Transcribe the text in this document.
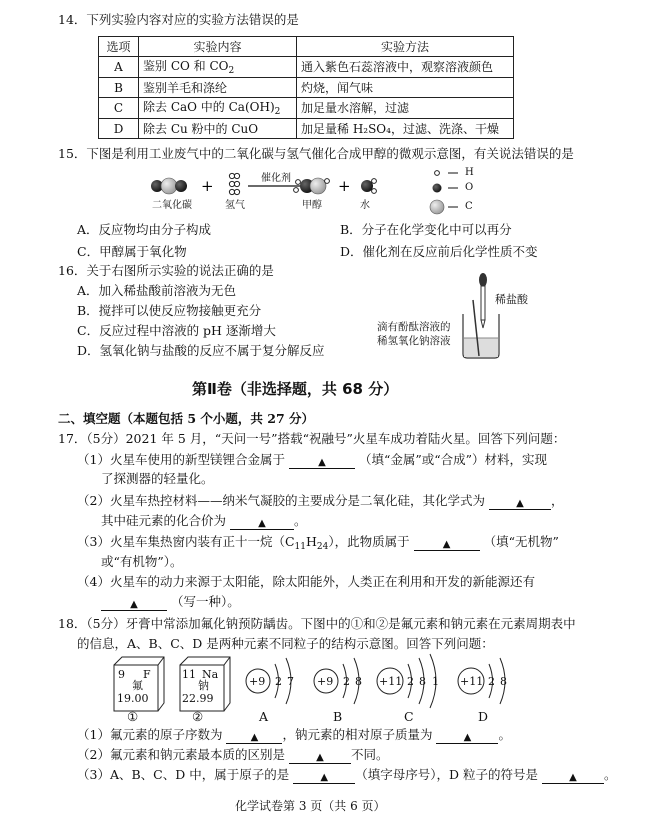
14．下列实验内容对应的实验方法错误的是
选项	实验内容	实验方法
A	鉴别 CO 和 $CO_2$	通入紫色石蕊溶液中，观察溶液颜色
B	鉴别羊毛和涤纶	灼烧，闻气味
C	除去 CaO 中的 $Ca(OH)_2$	加足量水溶解，过滤
D	除去 Cu 粉中的 CuO	加足量稀 H₂SO₄，过滤、洗涤、干燥
15．下图是利用工业废气中的二氧化碳与氢气催化合成甲醇的微观示意图，有关说法错误的是
+	+
二氧化碳	氢气
催化剂
甲醇	水
H
O
C
A．反应物均由分子构成	B．分子在化学变化中可以再分
C．甲醇属于氧化物	D．催化剂在反应前后化学性质不变
16．关于右图所示实验的说法正确的是
A．加入稀盐酸前溶液为无色
B．搅拌可以使反应物接触更充分
C．反应过程中溶液的 pH 逐渐增大
D．氢氧化钠与盐酸的反应不属于复分解反应
稀盐酸
滴有酚酞溶液的
稀氢氧化钠溶液
第Ⅱ卷（非选择题，共 68 分）
二、填空题（本题包括 5 个小题，共 27 分）
17．（5分）2021 年 5 月，“天问一号”搭载“祝融号”火星车成功着陆火星。回答下列问题：
（1）火星车使用的新型镁锂合金属于	▲	（填“金属”或“合成”）材料，实现
了探测器的轻量化。
（2）火星车热控材料——纳米气凝胶的主要成分是二氧化硅，其化学式为	▲ ，
其中硅元素的化合价为	▲ 。
（3）火星车集热窗内装有正十一烷$(C_{11}H_{24})$，此物质属于	▲	（填“无机物”
或“有机物”）。
（4）火星车的动力来源于太阳能，除太阳能外，人类正在利用和开发的新能源还有
▲	（写一种）。
18．（5分）牙膏中常添加氟化钠预防龋齿。下图中的①和②是氟元素和钠元素在元素周期表中
的信息，A、B、C、D 是两种元素不同粒子的结构示意图。回答下列问题：
9 F
氟
19.00
①
11 Na
钠
22.99
②
+9 2 7
A
+9 2 8
B
+11 2 8 1
C
+11 2 8
D
（1）氟元素的原子序数为	▲ ，钠元素的相对原子质量为	▲ 。
（2）氟元素和钠元素最本质的区别是	▲ 不同。
（3）A、B、C、D 中，属于原子的是	▲ （填字母序号），D 粒子的符号是	▲ 。
化学试卷第 3 页（共 6 页）
